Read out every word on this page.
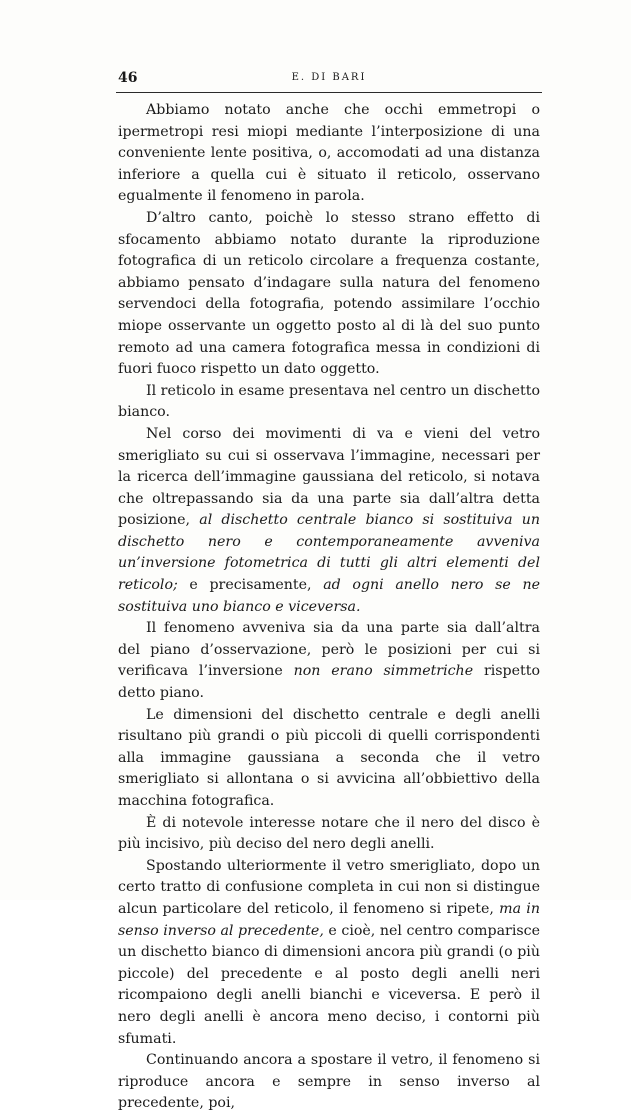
46	E. DI BARI

Abbiamo notato anche che occhi emmetropi o ipermetropi resi miopi mediante l’interposizione di una conveniente lente positiva, o, accomodati ad una distanza inferiore a quella cui è situato il reticolo, osservano egualmente il fenomeno in parola.

D’altro canto, poichè lo stesso strano effetto di sfocamento abbiamo notato durante la riproduzione fotografica di un reticolo circolare a frequenza costante, abbiamo pensato d’indagare sulla natura del fenomeno servendoci della fotografia, potendo assimilare l’occhio miope osservante un oggetto posto al di là del suo punto remoto ad una camera fotografica messa in condizioni di fuori fuoco rispetto un dato oggetto.

Il reticolo in esame presentava nel centro un dischetto bianco.

Nel corso dei movimenti di va e vieni del vetro smerigliato su cui si osservava l’immagine, necessari per la ricerca dell’immagine gaussiana del reticolo, si notava che oltrepassando sia da una parte sia dall’altra detta posizione, al dischetto centrale bianco si sostituiva un dischetto nero e contemporaneamente avveniva un’inversione fotometrica di tutti gli altri elementi del reticolo; e precisamente, ad ogni anello nero se ne sostituiva uno bianco e viceversa.

Il fenomeno avveniva sia da una parte sia dall’altra del piano d’osservazione, però le posizioni per cui si verificava l’inversione non erano simmetriche rispetto detto piano.

Le dimensioni del dischetto centrale e degli anelli risultano più grandi o più piccoli di quelli corrispondenti alla immagine gaussiana a seconda che il vetro smerigliato si allontana o si avvicina all’obbiettivo della macchina fotografica.

È di notevole interesse notare che il nero del disco è più incisivo, più deciso del nero degli anelli.

Spostando ulteriormente il vetro smerigliato, dopo un certo tratto di confusione completa in cui non si distingue alcun particolare del reticolo, il fenomeno si ripete, ma in senso inverso al precedente, e cioè, nel centro comparisce un dischetto bianco di dimensioni ancora più grandi (o più piccole) del precedente e al posto degli anelli neri ricompaiono degli anelli bianchi e viceversa. E però il nero degli anelli è ancora meno deciso, i contorni più sfumati.

Continuando ancora a spostare il vetro, il fenomeno si riproduce ancora e sempre in senso inverso al precedente, poi,
